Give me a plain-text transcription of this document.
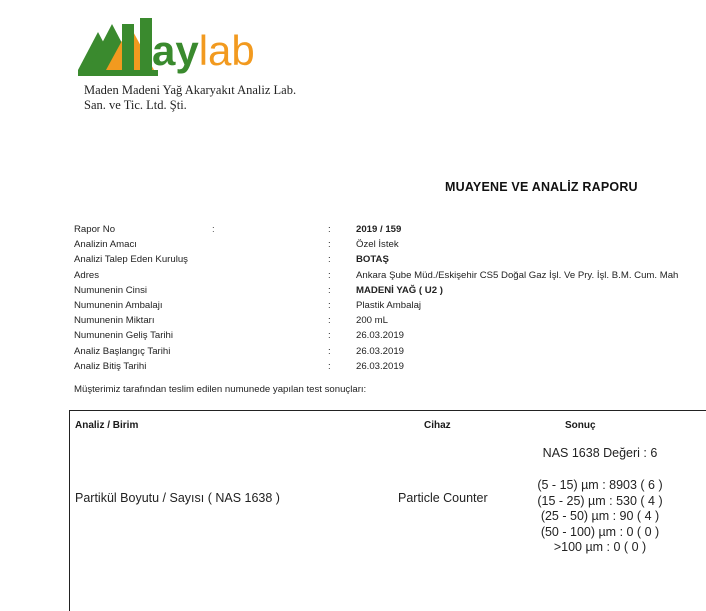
aylab
Maden Madeni Yağ Akaryakıt Analiz Lab.
San. ve Tic. Ltd. Şti.
MUAYENE VE ANALİZ RAPORU
:
Rapor No	:	2019 / 159
Analizin Amacı	:	Özel İstek
Analizi Talep Eden Kuruluş	:	BOTAŞ
Adres	:	Ankara Şube Müd./Eskişehir CS5 Doğal Gaz İşl. Ve Pry. İşl. B.M. Cum. Mah
Numunenin Cinsi	:	MADENİ YAĞ ( U2 )
Numunenin Ambalajı	:	Plastik Ambalaj
Numunenin Miktarı	:	200 mL
Numunenin Geliş Tarihi	:	26.03.2019
Analiz Başlangıç Tarihi	:	26.03.2019
Analiz Bitiş Tarihi	:	26.03.2019
Müşterimiz tarafından teslim edilen numunede yapılan test sonuçları:
Analiz / Birim	Cihaz	Sonuç
NAS 1638 Değeri : 6
Partikül Boyutu / Sayısı ( NAS 1638 )	Particle Counter
(5 - 15) µm : 8903 ( 6 )
(15 - 25) µm : 530 ( 4 )
(25 - 50) µm : 90 ( 4 )
(50 - 100) µm : 0 ( 0 )
>100 µm : 0 ( 0 )
